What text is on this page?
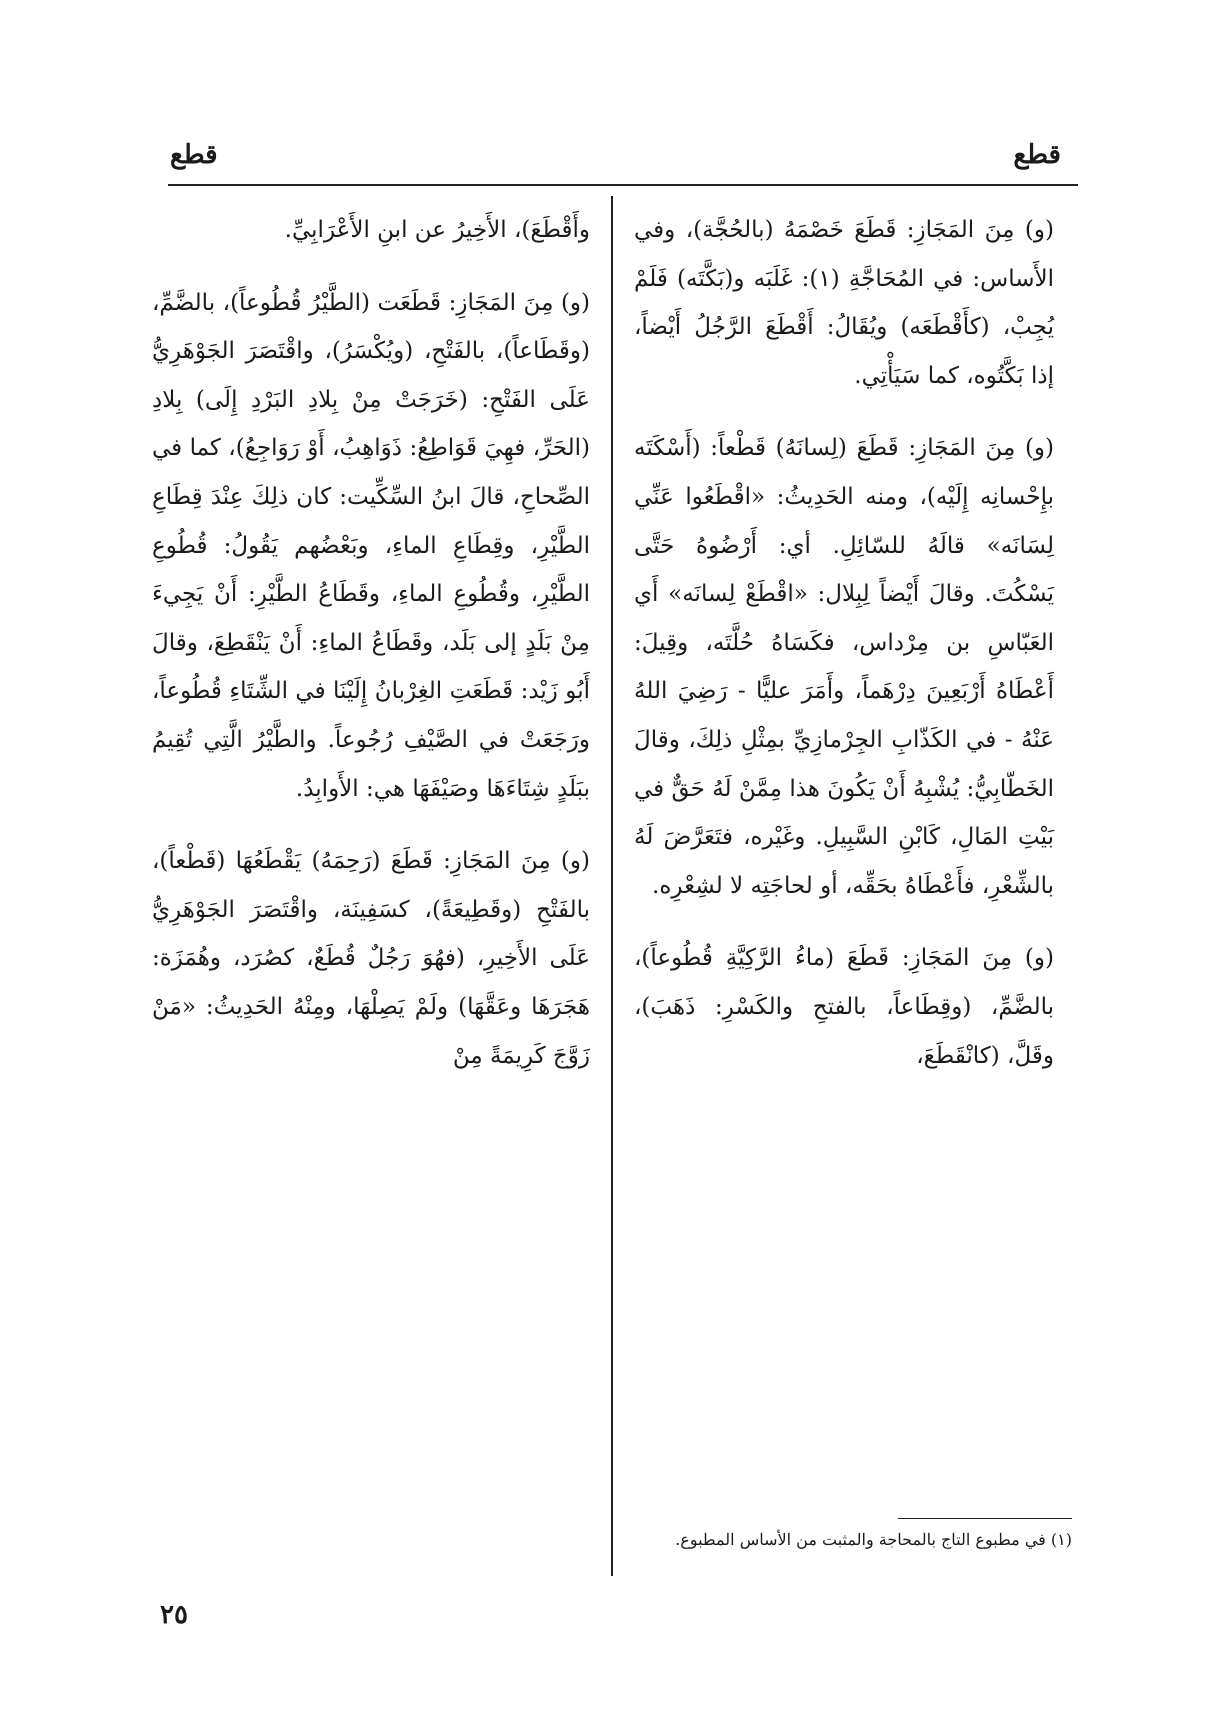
قطع
قطع

(و) مِنَ المَجَازِ: قَطَعَ خَصْمَهُ (بالحُجَّة)، وفي الأَساس: في المُحَاجَّةِ (١): غَلَبَه و(بَكَّتَه) فَلَمْ يُجِبْ، (كأَقْطَعَه) ويُقَالُ: أَقْطَعَ الرَّجُلُ أَيْضاً، إذا بَكَّتُوه، كما سَيَأْتِي.

(و) مِنَ المَجَازِ: قَطَعَ (لِسانَهُ) قَطْعاً: (أَسْكَتَه بإِحْسانِه إِلَيْه)، ومنه الحَدِيثُ: «اقْطَعُوا عَنِّي لِسَانَه» قالَهُ للسّائِلِ. أي: أَرْضُوهُ حَتَّى يَسْكُتَ. وقالَ أَيْضاً لِبِلال: «اقْطَعْ لِسانَه» أَي العَبّاسِ بن مِرْداس، فكَسَاهُ حُلَّتَه، وقِيلَ: أَعْطَاهُ أَرْبَعِينَ دِرْهَماً، وأَمَرَ عليًّا - رَضِيَ اللهُ عَنْهُ - في الكَذّابِ الجِرْمازِيِّ بمِثْلِ ذلِكَ، وقالَ الخَطّابِيُّ: يُشْبِهُ أَنْ يَكُونَ هذا مِمَّنْ لَهُ حَقٌّ في بَيْتِ المَالِ، كَابْنِ السَّبِيلِ. وغَيْره، فتَعَرَّضَ لَهُ بالشِّعْرِ، فأَعْطَاهُ بحَقِّه، أو لحاجَتِه لا لشِعْرِه.

(و) مِنَ المَجَازِ: قَطَعَ (ماءُ الرَّكِيَّةِ قُطُوعاً)، بالضَّمِّ، (وقِطَاعاً، بالفتحِ والكَسْرِ: ذَهَبَ)، وقَلَّ، (كانْقَطَعَ،

وأَقْطَعَ)، الأَخِيرُ عن ابنِ الأَعْرَابِيِّ.

(و) مِنَ المَجَازِ: قَطَعَت (الطَّيْرُ قُطُوعاً)، بالضَّمِّ، (وقَطَاعاً)، بالفَتْحِ، (ويُكْسَرُ)، واقْتَصَرَ الجَوْهَرِيُّ عَلَى الفَتْحِ: (خَرَجَتْ مِنْ بِلادِ البَرْدِ إِلَى) بِلادِ (الحَرِّ، فهِيَ قَوَاطِعُ: ذَوَاهِبُ، أَوْ رَوَاجِعُ)، كما في الصِّحاحِ، قالَ ابنُ السِّكِّيت: كان ذلِكَ عِنْدَ قِطَاعِ الطَّيْرِ، وقِطَاعِ الماءِ، وبَعْضُهم يَقُولُ: قُطُوعِ الطَّيْرِ، وقُطُوعِ الماءِ، وقَطَاعُ الطَّيْرِ: أَنْ يَجِيءَ مِنْ بَلَدٍ إلى بَلَد، وقَطَاعُ الماءِ: أَنْ يَنْقَطِعَ، وقالَ أَبُو زَيْد: قَطَعَتِ الغِرْبانُ إِلَيْنَا في الشِّتَاءِ قُطُوعاً، ورَجَعَتْ في الصَّيْفِ رُجُوعاً. والطَّيْرُ الَّتِي تُقِيمُ ببَلَدٍ شِتَاءَهَا وصَيْفَهَا هي: الأَوابِدُ.

(و) مِنَ المَجَازِ: قَطَعَ (رَحِمَهُ) يَقْطَعُهَا (قَطْعاً)، بالفَتْحِ (وقَطِيعَةً)، كسَفِينَة، واقْتَصَرَ الجَوْهَرِيُّ عَلَى الأَخِيرِ، (فهُوَ رَجُلٌ قُطَعٌ، كصُرَد، وهُمَزَة: هَجَرَهَا وعَقَّهَا) ولَمْ يَصِلْهَا، ومِنْهُ الحَدِيثُ: «مَنْ زَوَّجَ كَرِيمَةً مِنْ

(١) في مطبوع التاج بالمحاجة والمثبت من الأساس المطبوع.
٢٥
